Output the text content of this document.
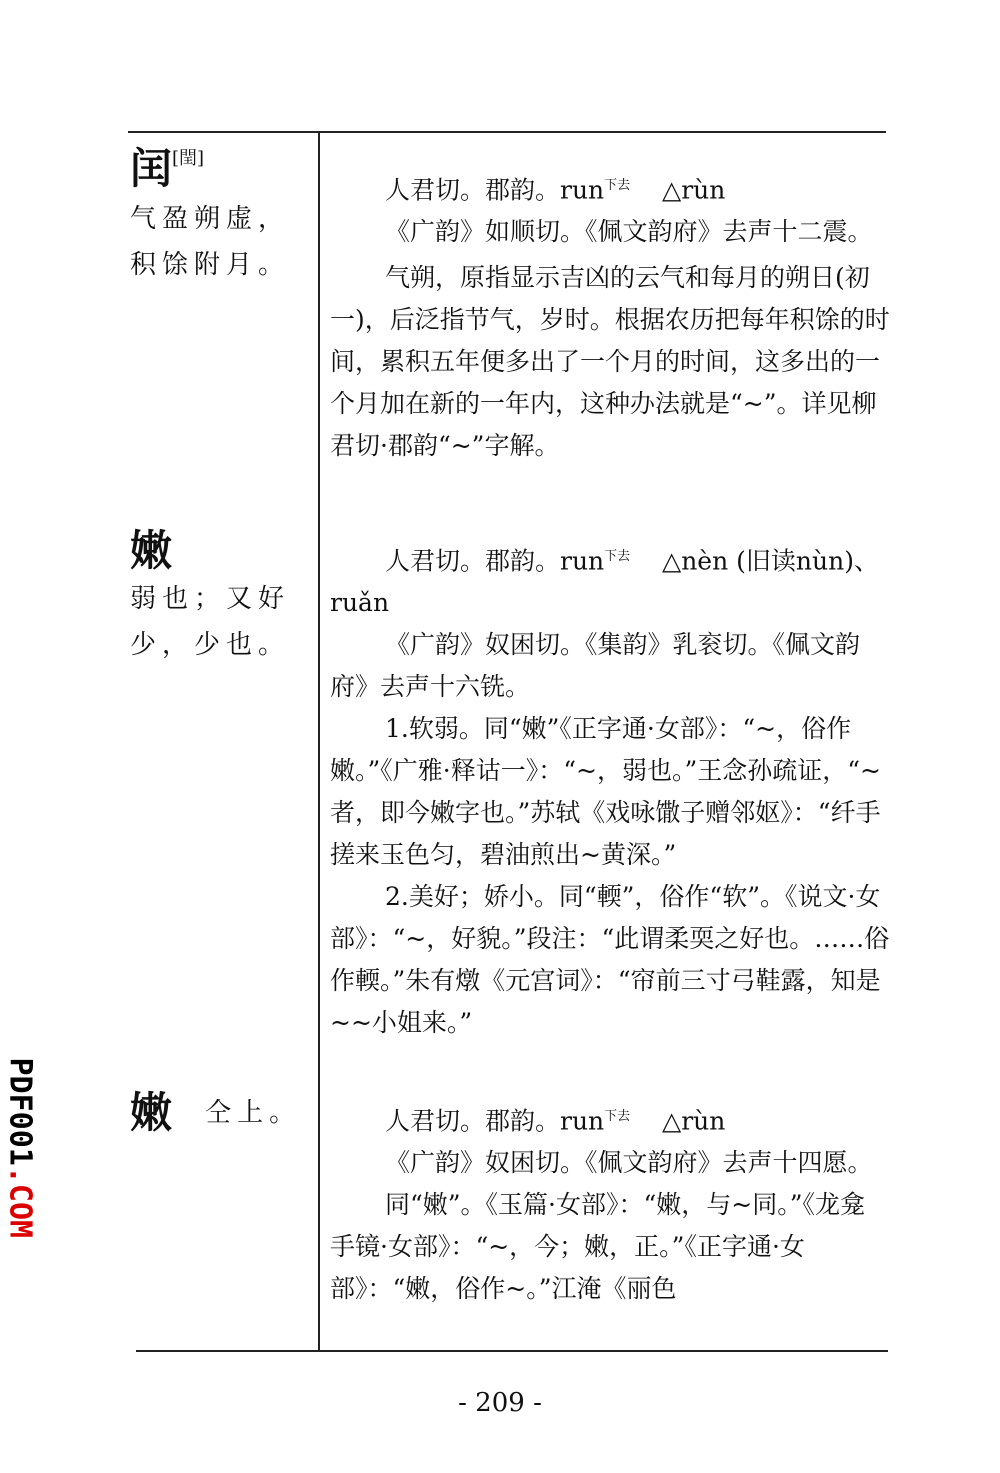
闰 [閏]
气盈朔虚，积馀附月。

人君切。郡韵。run$^{下去}$ △rùn

《广韵》如顺切。《佩文韵府》去声十二震。

气朔，原指显示吉凶的云气和每月的朔日(初一)，后泛指节气，岁时。根据农历把每年积馀的时间，累积五年便多出了一个月的时间，这多出的一个月加在新的一年内，这种办法就是“~”。详见柳君切·郡韵“~”字解。

嫩
弱也；又好少，少也。

人君切。郡韵。run$^{下去}$ △nèn (旧读nùn)、ruǎn

《广韵》奴困切。《集韵》乳衮切。《佩文韵府》去声十六铣。

1.软弱。同“嫩”《正字通·女部》：“~，俗作嫩。”《广雅·释诂一》：“~，弱也。”王念孙疏证，“~者，即今嫩字也。”苏轼《戏咏馓子赠邻妪》：“纤手搓来玉色匀，碧油煎出~黄深。”

2.美好；娇小。同“輭”，俗作“软”。《说文·女部》：“~，好貌。”段注：“此谓柔耎之好也。……俗作輭。”朱有燉《元宫词》：“帘前三寸弓鞋露，知是~~小姐来。”

嫩 仝上。	人君切。郡韵。run$^{下去}$ △rùn

《广韵》奴困切。《佩文韵府》去声十四愿。

同“嫩”。《玉篇·女部》：“嫩，与~同。”《龙龛手镜·女部》：“~，今；嫩，正。”《正字通·女部》：“嫩，俗作~。”江淹《丽色

- 209 -
PDF001.COM
